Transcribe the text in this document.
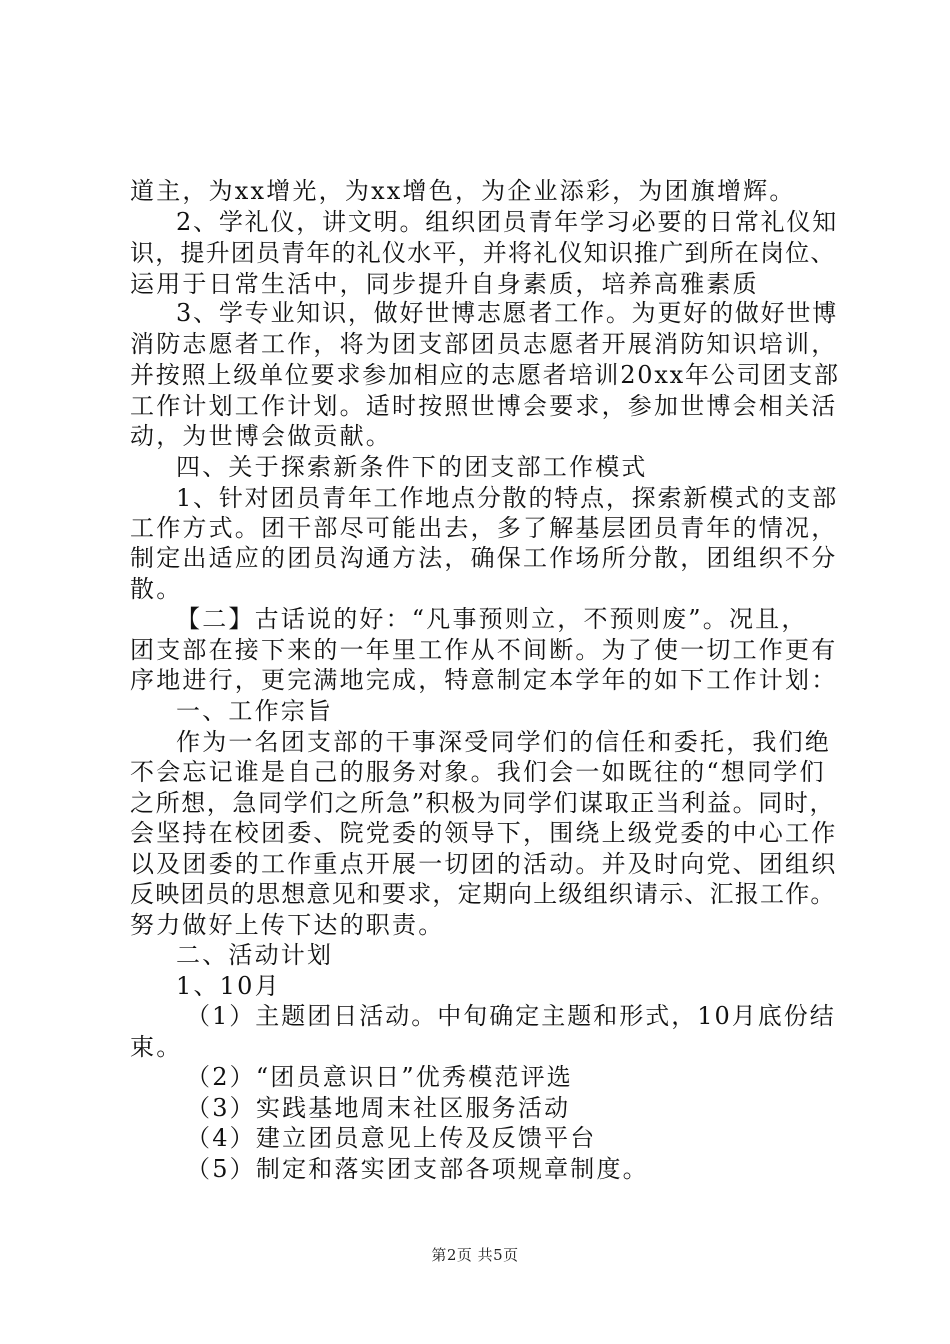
道主，为xx增光，为xx增色，为企业添彩，为团旗增辉。
2、学礼仪，讲文明。组织团员青年学习必要的日常礼仪知
识，提升团员青年的礼仪水平，并将礼仪知识推广到所在岗位、
运用于日常生活中，同步提升自身素质，培养高雅素质
3、学专业知识，做好世博志愿者工作。为更好的做好世博
消防志愿者工作，将为团支部团员志愿者开展消防知识培训，
并按照上级单位要求参加相应的志愿者培训20xx年公司团支部
工作计划工作计划。适时按照世博会要求，参加世博会相关活
动，为世博会做贡献。
四、关于探索新条件下的团支部工作模式
1、针对团员青年工作地点分散的特点，探索新模式的支部
工作方式。团干部尽可能出去，多了解基层团员青年的情况，
制定出适应的团员沟通方法，确保工作场所分散，团组织不分
散。
【二】古话说的好：“凡事预则立，不预则废”。况且，
团支部在接下来的一年里工作从不间断。为了使一切工作更有
序地进行，更完满地完成，特意制定本学年的如下工作计划：
一、工作宗旨
作为一名团支部的干事深受同学们的信任和委托，我们绝
不会忘记谁是自己的服务对象。我们会一如既往的“想同学们
之所想，急同学们之所急”积极为同学们谋取正当利益。同时，
会坚持在校团委、院党委的领导下，围绕上级党委的中心工作
以及团委的工作重点开展一切团的活动。并及时向党、团组织
反映团员的思想意见和要求，定期向上级组织请示、汇报工作。
努力做好上传下达的职责。
二、活动计划
1、10月
（1）主题团日活动。中旬确定主题和形式，10月底份结
束。
（2）“团员意识日”优秀模范评选
（3）实践基地周末社区服务活动
（4）建立团员意见上传及反馈平台
（5）制定和落实团支部各项规章制度。
第2页 共5页
